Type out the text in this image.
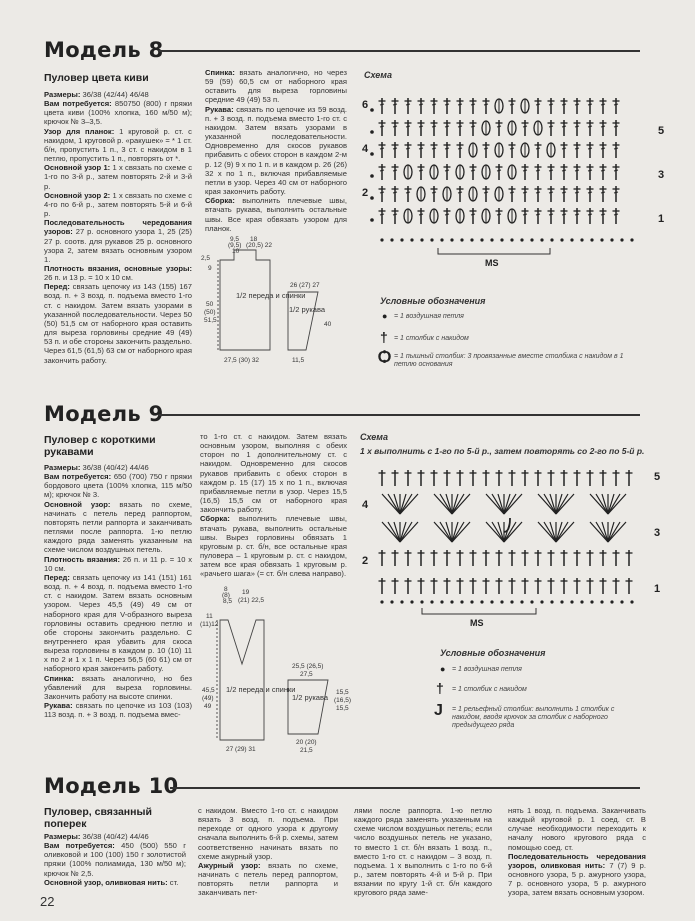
Модель 8
Пуловер цвета киви
Размеры: 36/38 (42/44) 46/48
Вам потребуется: 850750 (800) г пряжи цвета киви (100% хлопка, 160 м/50 м); крючок № 3–3,5.
Узор для планок: 1 круговой р. ст. с накидом, 1 круговой р. «ракушек» = * 1 ст. б/н, пропустить 1 п., 3 ст. с накидом в 1 петлю, пропустить 1 п., повторять от *.
Основной узор 1: 1 х связать по схеме с 1-го по 3-й р., затем повторять 2-й и 3-й р.
Основной узор 2: 1 х связать по схеме с 4-го по 6-й р., затем повторять 5-й и 6-й р.
Последовательность чередования узоров: 27 р. основного узора 1, 25 (25) 27 р. соотв. для рукавов 25 р. основного узора 2, затем вязать основным узором 1.
Плотность вязания, основные узоры: 26 п. и 13 р. = 10 х 10 см.
Перед: связать цепочку из 143 (155) 167 возд. п. + 3 возд. п. подъема вместо 1-го ст. с накидом. Затем вязать узорами в указанной последовательности. Через 50 (50) 51,5 см от наборного края оставить для выреза горловины средние 49 (49) 53 п. и обе стороны закончить раздельно. Через 61,5 (61,5) 63 см от наборного края закончить работу.
Спинка: вязать аналогично, но через 59 (59) 60,5 см от наборного края оставить для выреза горловины средние 49 (49) 53 п.
Рукава: связать по цепочке из 59 возд. п. + 3 возд. п. подъема вместо 1-го ст. с накидом. Затем вязать узорами в указанной последовательности. Одновременно для скосов рукавов прибавить с обеих сторон в каждом 2-м р. 12 (9) 9 х по 1 п. и в каждом р. 26 (26) 32 х по 1 п., включая прибавляемые петли в узор. Через 40 см от наборного края закончить работу.
Сборка: выполнить плечевые швы, втачать рукава, выполнить остальные швы. Все края обвязать узором для планок.
9,5
(9,5)
10
18
(20,5) 22
2,5
9
50
(50)
51,5
27,5 (30) 32
26 (27) 27
40
11,5
1/2 переда и спинки
1/2 рукава
Схема
6
5
4
3
2
1
MS
Условные обозначения
● = 1 воздушная петля
† = 1 столбик с накидом
Ѻ = 1 пышный столбик: 3 провязанные вместе столбика с накидом в 1 петлю основания
Модель 9
Пуловер с короткими рукавами
Размеры: 36/38 (40/42) 44/46
Вам потребуется: 650 (700) 750 г пряжи бордового цвета (100% хлопка, 115 м/50 м); крючок № 3.
Основной узор: вязать по схеме, начинать с петель перед раппортом, повторять петли раппорта и заканчивать петлями после раппорта. 1-ю петлю каждого ряда заменять указанным на схеме числом воздушных петель.
Плотность вязания: 26 п. и 11 р. = 10 х 10 см.
Перед: связать цепочку из 141 (151) 161 возд. п. + 4 возд. п. подъема вместо 1-го ст. с накидом. Затем вязать основным узором. Через 45,5 (49) 49 см от наборного края для V-образного выреза горловины оставить среднюю петлю и обе стороны закончить раздельно. С внутреннего края убавить для скоса выреза горловины в каждом р. 10 (10) 11 х по 2 и 1 х 1 п. Через 56,5 (60 61) см от наборного края закончить работу.
Спинка: вязать аналогично, но без убавлений для выреза горловины. Закончить работу на высоте спинки.
Рукава: связать по цепочке из 103 (103) 113 возд. п. + 3 возд. п. подъема вмес-
то 1-го ст. с накидом. Затем вязать основным узором, выполняя с обеих сторон по 1 дополнительному ст. с накидом. Одновременно для скосов рукавов прибавить с обеих сторон в каждом р. 15 (17) 15 х по 1 п., включая прибавляемые петли в узор. Через 15,5 (16,5) 15,5 см от наборного края закончить работу.
Сборка: выполнить плечевые швы, втачать рукава, выполнить остальные швы. Вырез горловины обвязать 1 круговым р. ст. б/н, все остальные края пуловера – 1 круговым р. ст. с накидом, затем все края обвязать 1 круговым р. «рачьего шага» (= ст. б/н слева направо).
8
(8)
8,5
19
(21) 22,5
11
(11)12
45,5
(49)
49
27 (29) 31
25,5 (26,5)
27,5
15,5
(16,5)
15,5
20 (20)
21,5
1/2 переда и спинки
1/2 рукава
Схема
1 х выполнить с 1-го по 5-й р., затем повторять со 2-го по 5-й р.
5
4
3
2
1
MS
Условные обозначения
● = 1 воздушная петля
† = 1 столбик с накидом
J = 1 рельефный столбик: выполнить 1 столбик с накидом, вводя крючок за столбик с наборного предыдущего ряда
Модель 10
Пуловер, связанный поперек
Размеры: 36/38 (40/42) 44/46
Вам потребуется: 450 (500) 550 г оливковой и 100 (100) 150 г золотистой пряжи (100% полиамида, 130 м/50 м); крючок № 2,5.
Основной узор, оливковая нить: ст.
с накидом. Вместо 1-го ст. с накидом вязать 3 возд. п. подъема. При переходе от одного узора к другому сначала выполнить 6-й р. схемы, затем соответственно начинать вязать по схеме ажурный узор.
Ажурный узор: вязать по схеме, начинать с петель перед раппортом, повторять петли раппорта и заканчивать пет-
лями после раппорта. 1-ю петлю каждого ряда заменять указанным на схеме числом воздушных петель; если число воздушных петель не указано, то вместо 1 ст. б/н вязать 1 возд. п., вместо 1-го ст. с накидом – 3 возд. п. подъема. 1 х выполнить с 1-го по 6-й р., затем повторять 4-й и 5-й р. При вязании по кругу 1-й ст. б/н каждого кругового ряда заме-
нять 1 возд. п. подъема. Заканчивать каждый круговой р. 1 соед. ст. В случае необходимости переходить к началу нового кругового ряда с помощью соед. ст.
Последовательность чередования узоров, оливковая нить: 7 (7) 9 р. основного узора, 5 р. ажурного узора, 7 р. основного узора, 5 р. ажурного узора, затем вязать основным узором.
22
